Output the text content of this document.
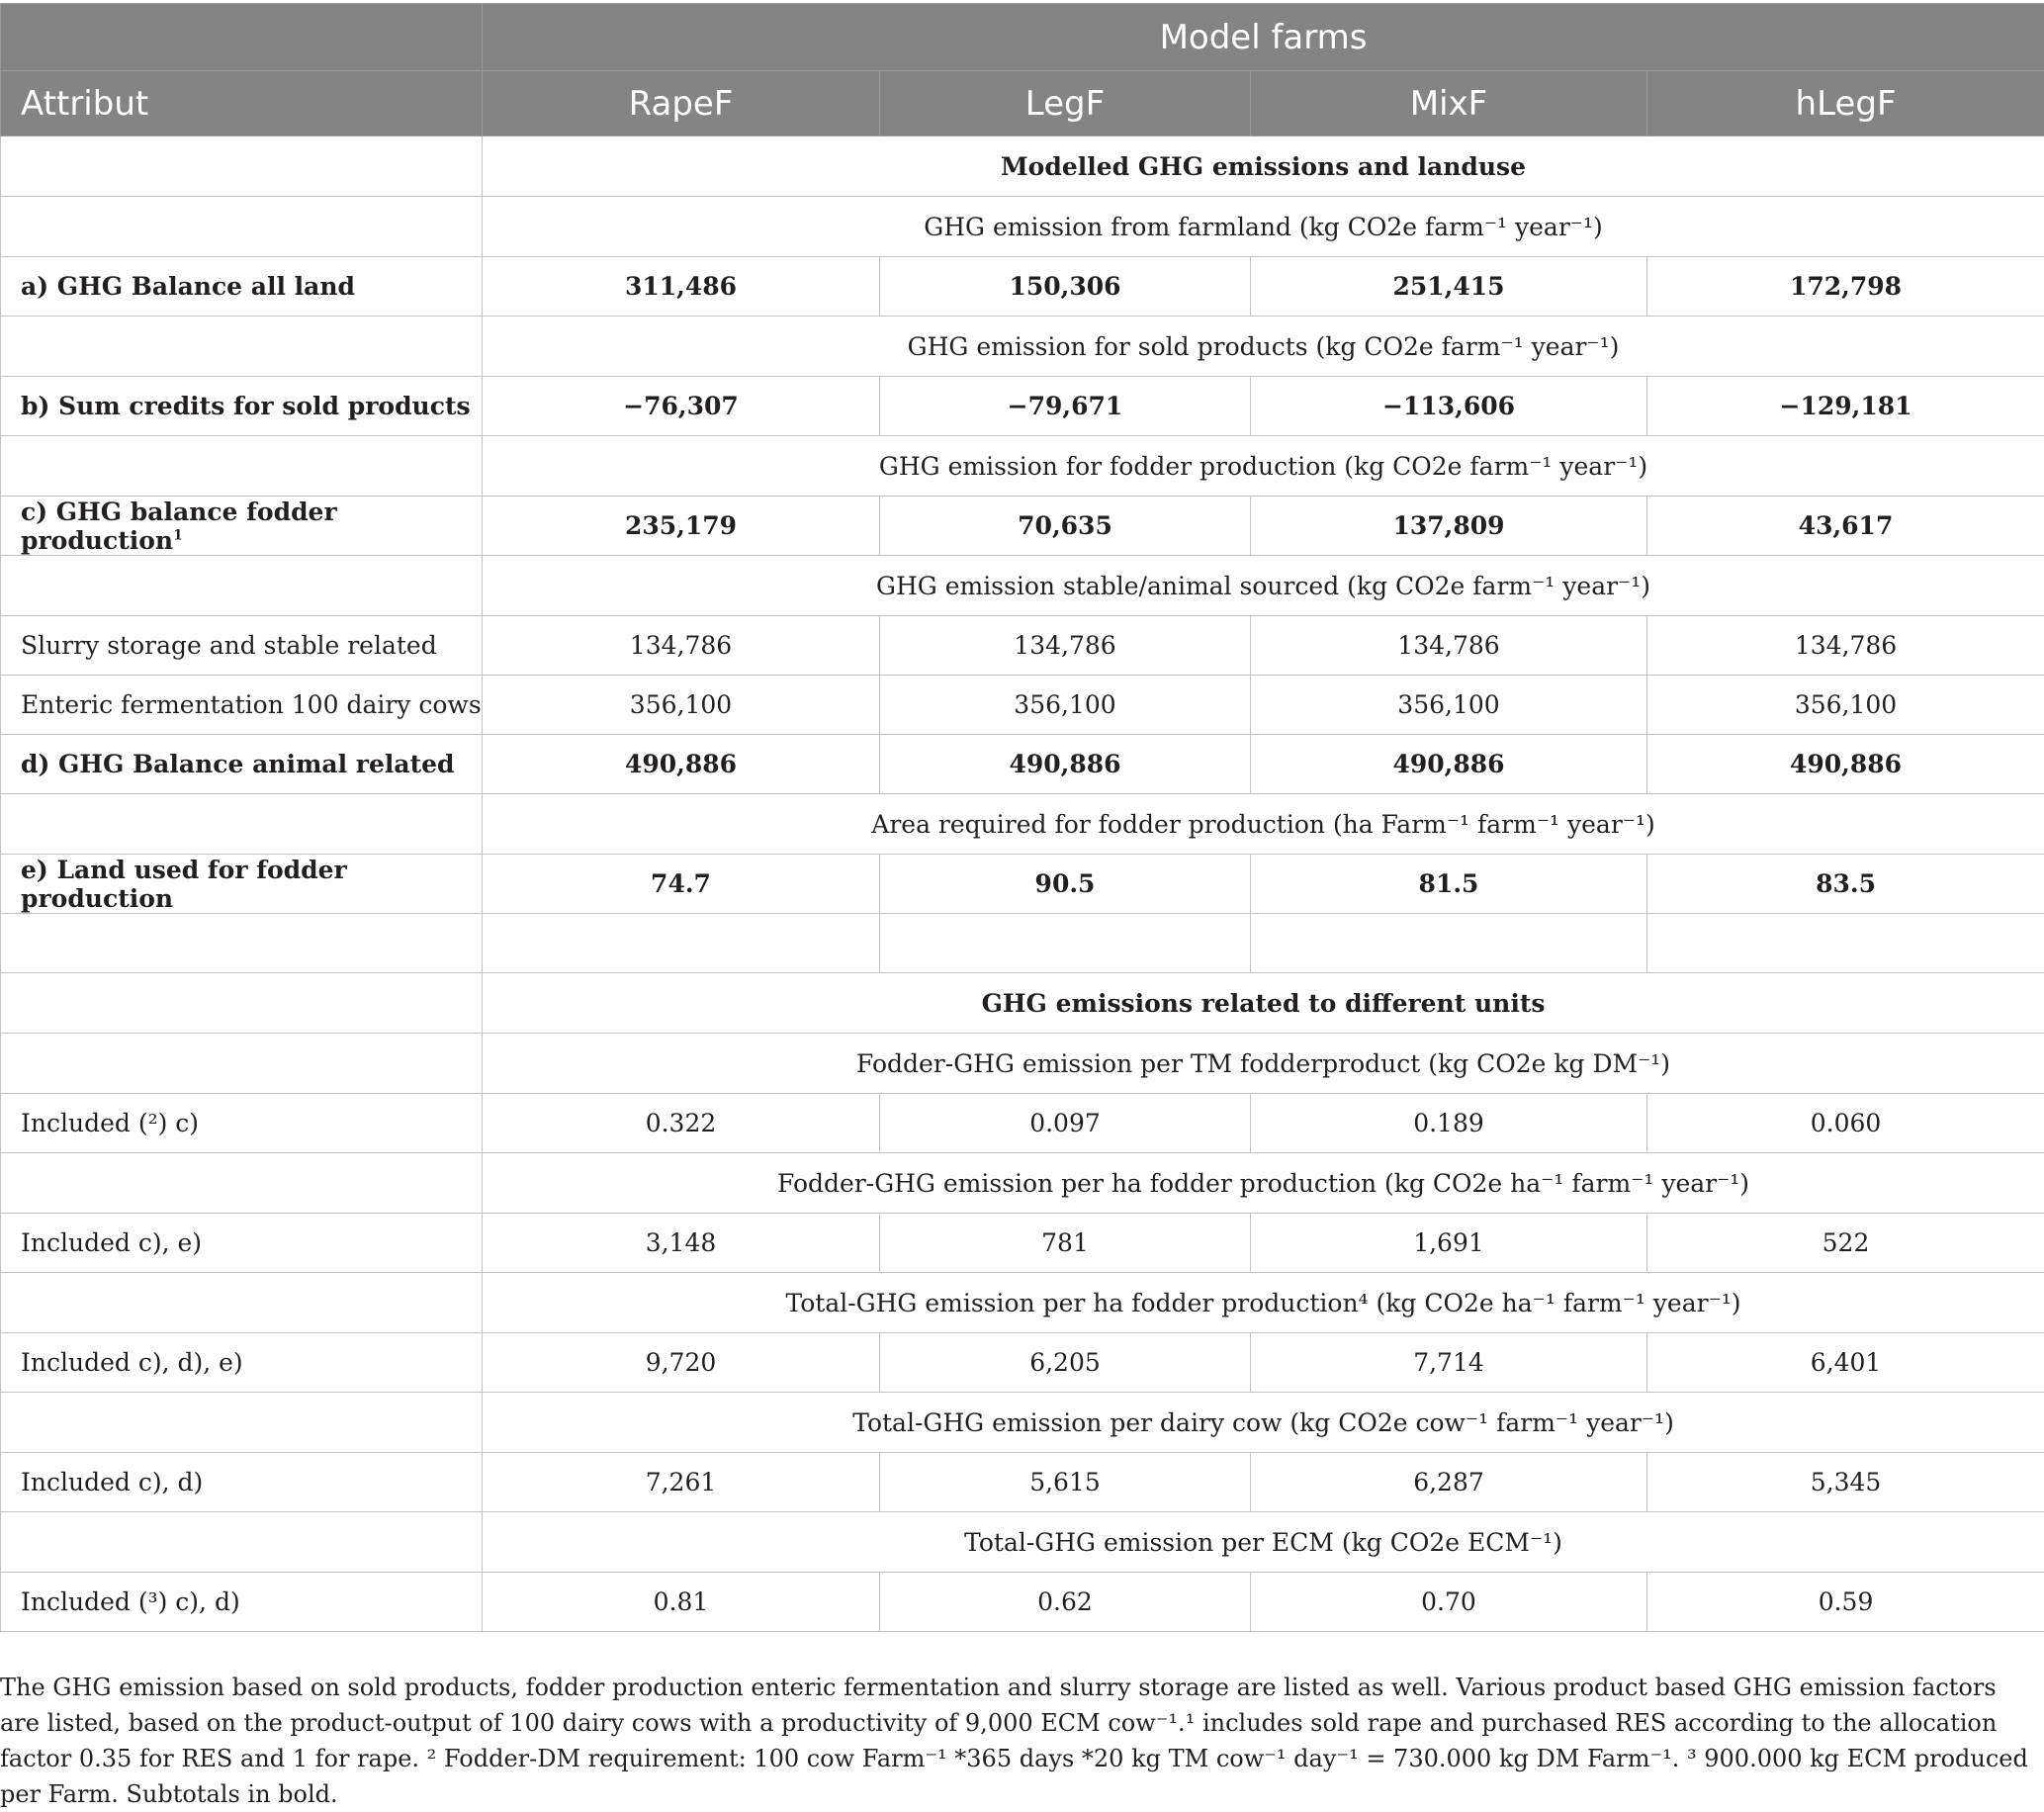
	Model farms			
Attribut	RapeF	LegF	MixF	hLegF
	Modelled GHG emissions and landuse			
	GHG emission from farmland (kg CO2e farm⁻¹ year⁻¹)			
a) GHG Balance all land	311,486	150,306	251,415	172,798
	GHG emission for sold products (kg CO2e farm⁻¹ year⁻¹)			
b) Sum credits for sold products	−76,307	−79,671	−113,606	−129,181
	GHG emission for fodder production (kg CO2e farm⁻¹ year⁻¹)			
c) GHG balance fodder production$^1$	235,179	70,635	137,809	43,617
	GHG emission stable/animal sourced (kg CO2e farm⁻¹ year⁻¹)			
Slurry storage and stable related	134,786	134,786	134,786	134,786
Enteric fermentation 100 dairy cows	356,100	356,100	356,100	356,100
d) GHG Balance animal related	490,886	490,886	490,886	490,886
	Area required for fodder production (ha Farm⁻¹ farm⁻¹ year⁻¹)			
e) Land used for fodder production	74.7	90.5	81.5	83.5

	GHG emissions related to different units			
	Fodder-GHG emission per TM fodderproduct (kg CO2e kg DM⁻¹)			
Included (²) c)	0.322	0.097	0.189	0.060
	Fodder-GHG emission per ha fodder production (kg CO2e ha⁻¹ farm⁻¹ year⁻¹)			
Included c), e)	3,148	781	1,691	522
	Total-GHG emission per ha fodder production⁴ (kg CO2e ha⁻¹ farm⁻¹ year⁻¹)			
Included c), d), e)	9,720	6,205	7,714	6,401
	Total-GHG emission per dairy cow (kg CO2e cow⁻¹ farm⁻¹ year⁻¹)			
Included c), d)	7,261	5,615	6,287	5,345
	Total-GHG emission per ECM (kg CO2e ECM⁻¹)			
Included (³) c), d)	0.81	0.62	0.70	0.59

The GHG emission based on sold products, fodder production enteric fermentation and slurry storage are listed as well. Various product based GHG emission factors are listed, based on the product-output of 100 dairy cows with a productivity of 9,000 ECM cow⁻¹.¹ includes sold rape and purchased RES according to the allocation factor 0.35 for RES and 1 for rape. ² Fodder-DM requirement: 100 cow Farm⁻¹ *365 days *20 kg TM cow⁻¹ day⁻¹ = 730.000 kg DM Farm⁻¹. ³ 900.000 kg ECM produced per Farm. Subtotals in bold.
